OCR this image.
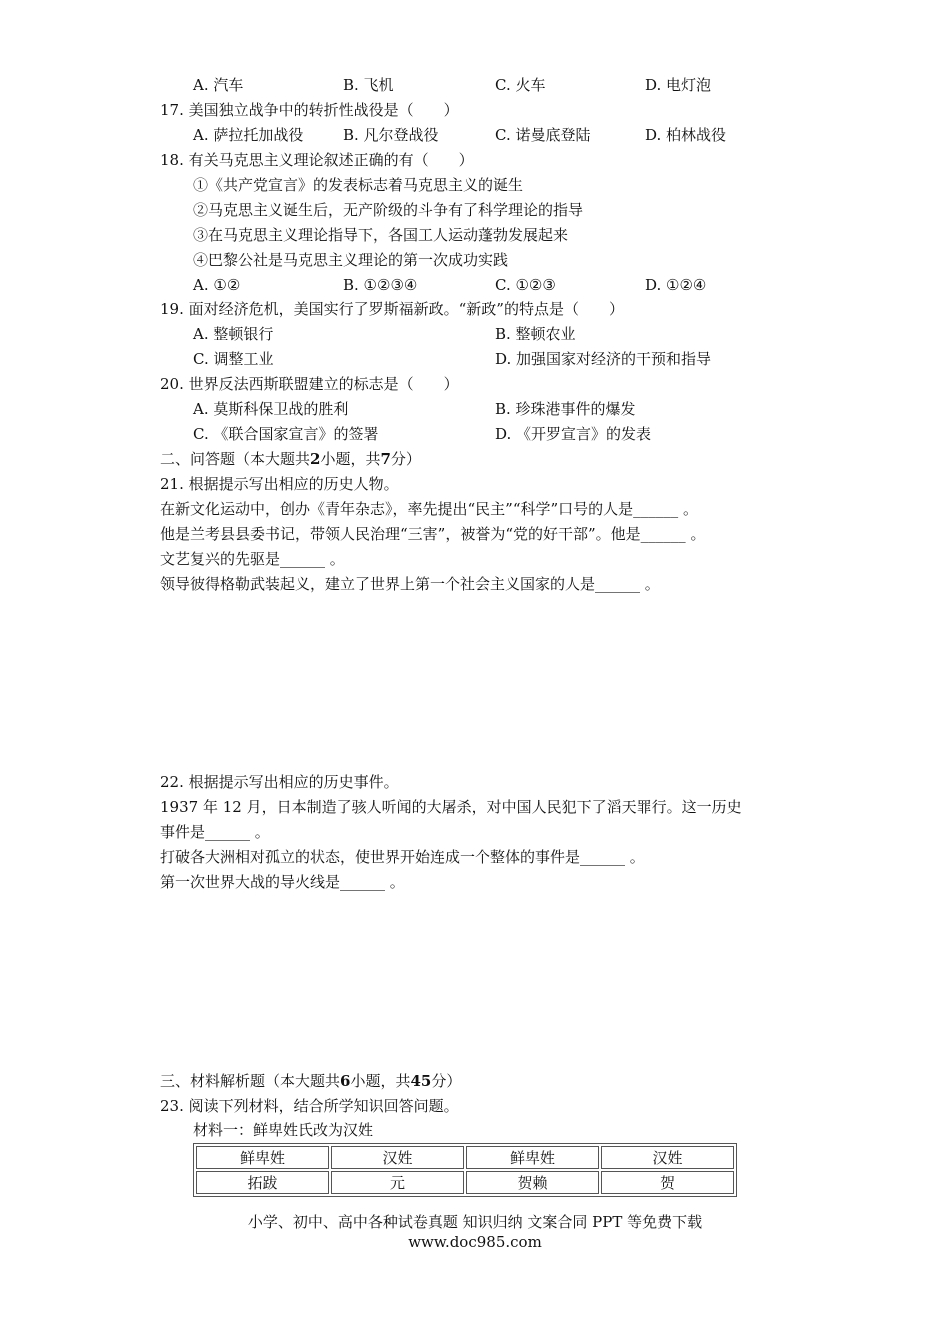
A. 汽车	B. 飞机	C. 火车	D. 电灯泡
17. 美国独立战争中的转折性战役是（　　）
A. 萨拉托加战役	B. 凡尔登战役	C. 诺曼底登陆	D. 柏林战役
18. 有关马克思主义理论叙述正确的有（　　）
①《共产党宣言》的发表标志着马克思主义的诞生
②马克思主义诞生后，无产阶级的斗争有了科学理论的指导
③在马克思主义理论指导下，各国工人运动蓬勃发展起来
④巴黎公社是马克思主义理论的第一次成功实践
A. ①②	B. ①②③④	C. ①②③	D. ①②④
19. 面对经济危机，美国实行了罗斯福新政。“新政”的特点是（　　）
A. 整顿银行	B. 整顿农业
C. 调整工业	D. 加强国家对经济的干预和指导
20. 世界反法西斯联盟建立的标志是（　　）
A. 莫斯科保卫战的胜利	B. 珍珠港事件的爆发
C. 《联合国家宣言》的签署	D. 《开罗宣言》的发表
二、问答题（本大题共2小题，共7分）
21. 根据提示写出相应的历史人物。
在新文化运动中，创办《青年杂志》，率先提出“民主”“科学”口号的人是______ 。
他是兰考县县委书记，带领人民治理“三害”，被誉为“党的好干部”。他是______ 。
文艺复兴的先驱是______ 。
领导彼得格勒武装起义，建立了世界上第一个社会主义国家的人是______ 。
22. 根据提示写出相应的历史事件。
1937 年 12 月，日本制造了骇人听闻的大屠杀，对中国人民犯下了滔天罪行。这一历史
事件是______ 。
打破各大洲相对孤立的状态，使世界开始连成一个整体的事件是______ 。
第一次世界大战的导火线是______ 。
三、材料解析题（本大题共6小题，共45分）
23. 阅读下列材料，结合所学知识回答问题。
材料一：鲜卑姓氏改为汉姓
鲜卑姓	汉姓	鲜卑姓	汉姓
拓跋	元	贺赖	贺
小学、初中、高中各种试卷真题 知识归纳 文案合同 PPT 等免费下载
www.doc985.com
